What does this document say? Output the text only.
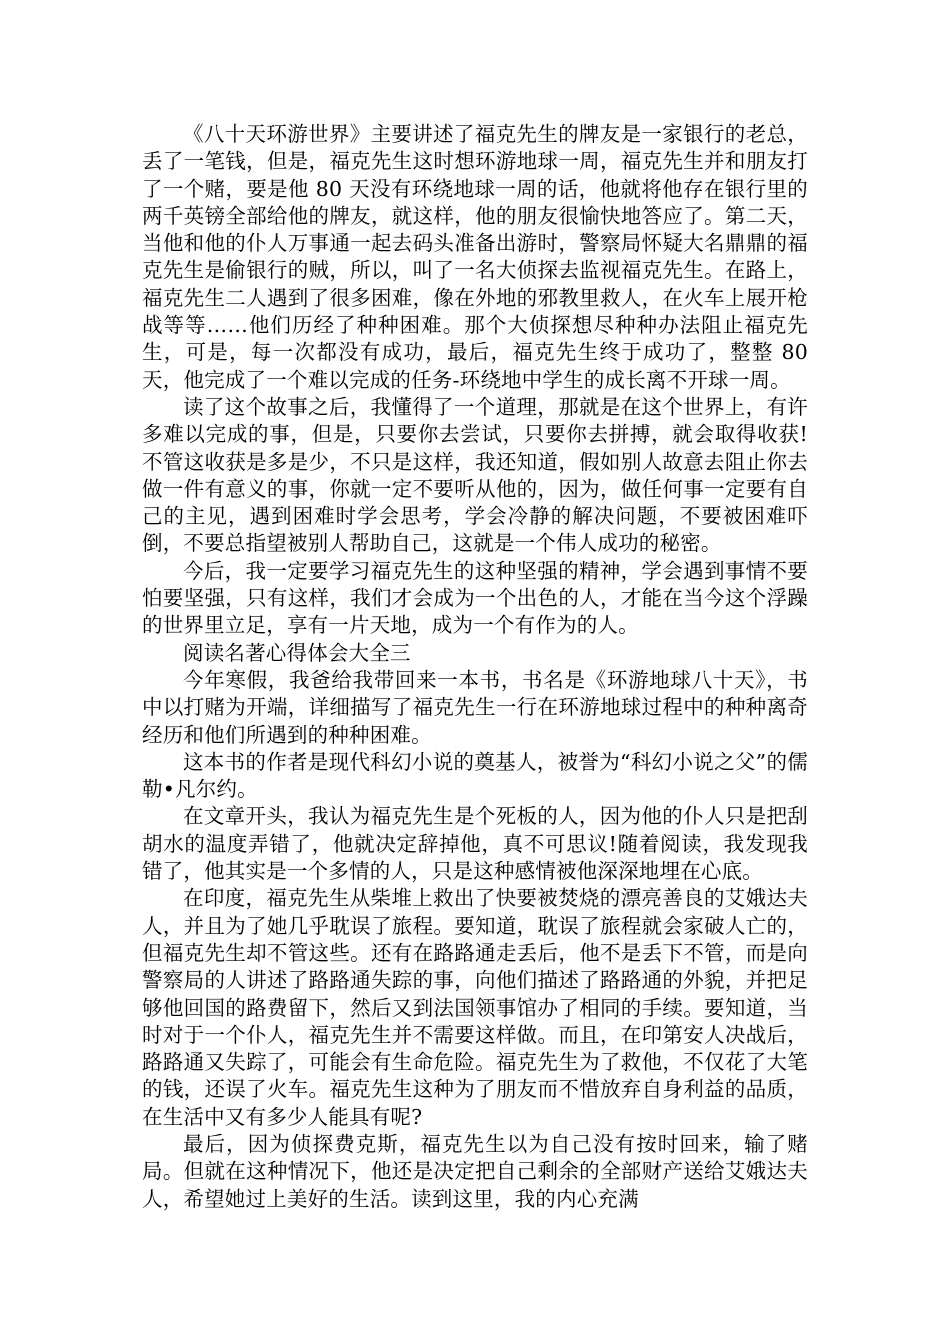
《八十天环游世界》主要讲述了福克先生的牌友是一家银行的老总，丢了一笔钱，但是，福克先生这时想环游地球一周，福克先生并和朋友打了一个赌，要是他 80 天没有环绕地球一周的话，他就将他存在银行里的两千英镑全部给他的牌友，就这样，他的朋友很愉快地答应了。第二天，当他和他的仆人万事通一起去码头准备出游时，警察局怀疑大名鼎鼎的福克先生是偷银行的贼，所以，叫了一名大侦探去监视福克先生。在路上，福克先生二人遇到了很多困难，像在外地的邪教里救人，在火车上展开枪战等等……他们历经了种种困难。那个大侦探想尽种种办法阻止福克先生，可是，每一次都没有成功，最后，福克先生终于成功了，整整 80 天，他完成了一个难以完成的任务-环绕地中学生的成长离不开球一周。

读了这个故事之后，我懂得了一个道理，那就是在这个世界上，有许多难以完成的事，但是，只要你去尝试，只要你去拼搏，就会取得收获!不管这收获是多是少，不只是这样，我还知道，假如别人故意去阻止你去做一件有意义的事，你就一定不要听从他的，因为，做任何事一定要有自己的主见，遇到困难时学会思考，学会冷静的解决问题，不要被困难吓倒，不要总指望被别人帮助自己，这就是一个伟人成功的秘密。

今后，我一定要学习福克先生的这种坚强的精神，学会遇到事情不要怕要坚强，只有这样，我们才会成为一个出色的人，才能在当今这个浮躁的世界里立足，享有一片天地，成为一个有作为的人。

阅读名著心得体会大全三

今年寒假，我爸给我带回来一本书，书名是《环游地球八十天》，书中以打赌为开端，详细描写了福克先生一行在环游地球过程中的种种离奇经历和他们所遇到的种种困难。

这本书的作者是现代科幻小说的奠基人，被誉为“科幻小说之父”的儒勒•凡尔约。

在文章开头，我认为福克先生是个死板的人，因为他的仆人只是把刮胡水的温度弄错了，他就决定辞掉他，真不可思议!随着阅读，我发现我错了，他其实是一个多情的人，只是这种感情被他深深地埋在心底。

在印度，福克先生从柴堆上救出了快要被焚烧的漂亮善良的艾娥达夫人，并且为了她几乎耽误了旅程。要知道，耽误了旅程就会家破人亡的，但福克先生却不管这些。还有在路路通走丢后，他不是丢下不管，而是向警察局的人讲述了路路通失踪的事，向他们描述了路路通的外貌，并把足够他回国的路费留下，然后又到法国领事馆办了相同的手续。要知道，当时对于一个仆人，福克先生并不需要这样做。而且，在印第安人决战后，路路通又失踪了，可能会有生命危险。福克先生为了救他，不仅花了大笔的钱，还误了火车。福克先生这种为了朋友而不惜放弃自身利益的品质，在生活中又有多少人能具有呢?

最后，因为侦探费克斯，福克先生以为自己没有按时回来，输了赌局。但就在这种情况下，他还是决定把自己剩余的全部财产送给艾娥达夫人，希望她过上美好的生活。读到这里，我的内心充满
